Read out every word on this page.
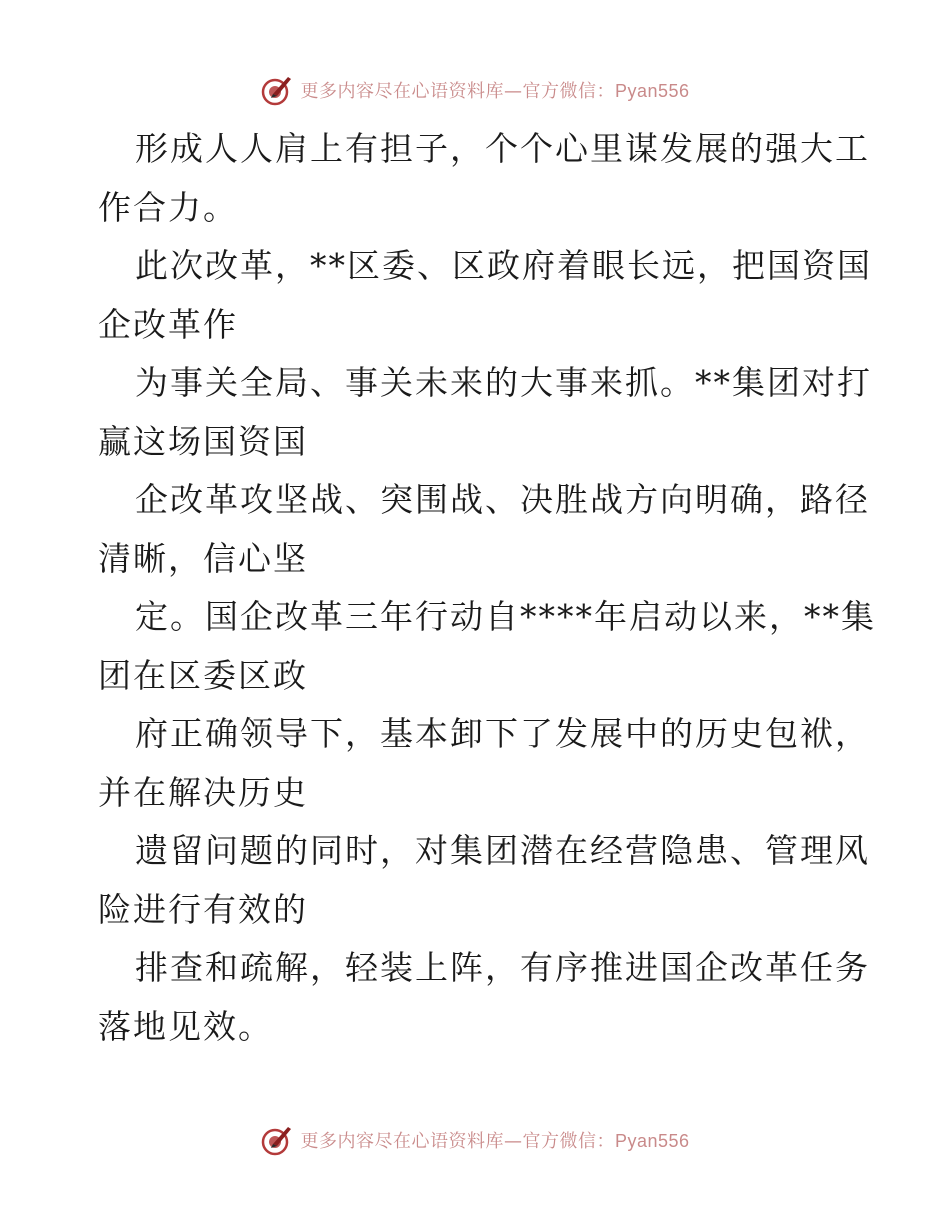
更多内容尽在心语资料库—官方微信：Pyan556
形成人人肩上有担子，个个心里谋发展的强大工
作合力。
此次改革，**区委、区政府着眼长远，把国资国
企改革作
为事关全局、事关未来的大事来抓。**集团对打
赢这场国资国
企改革攻坚战、突围战、决胜战方向明确，路径
清晰，信心坚
定。国企改革三年行动自****年启动以来，**集
团在区委区政
府正确领导下，基本卸下了发展中的历史包袱，
并在解决历史
遗留问题的同时，对集团潜在经营隐患、管理风
险进行有效的
排查和疏解，轻装上阵，有序推进国企改革任务
落地见效。
更多内容尽在心语资料库—官方微信：Pyan556
